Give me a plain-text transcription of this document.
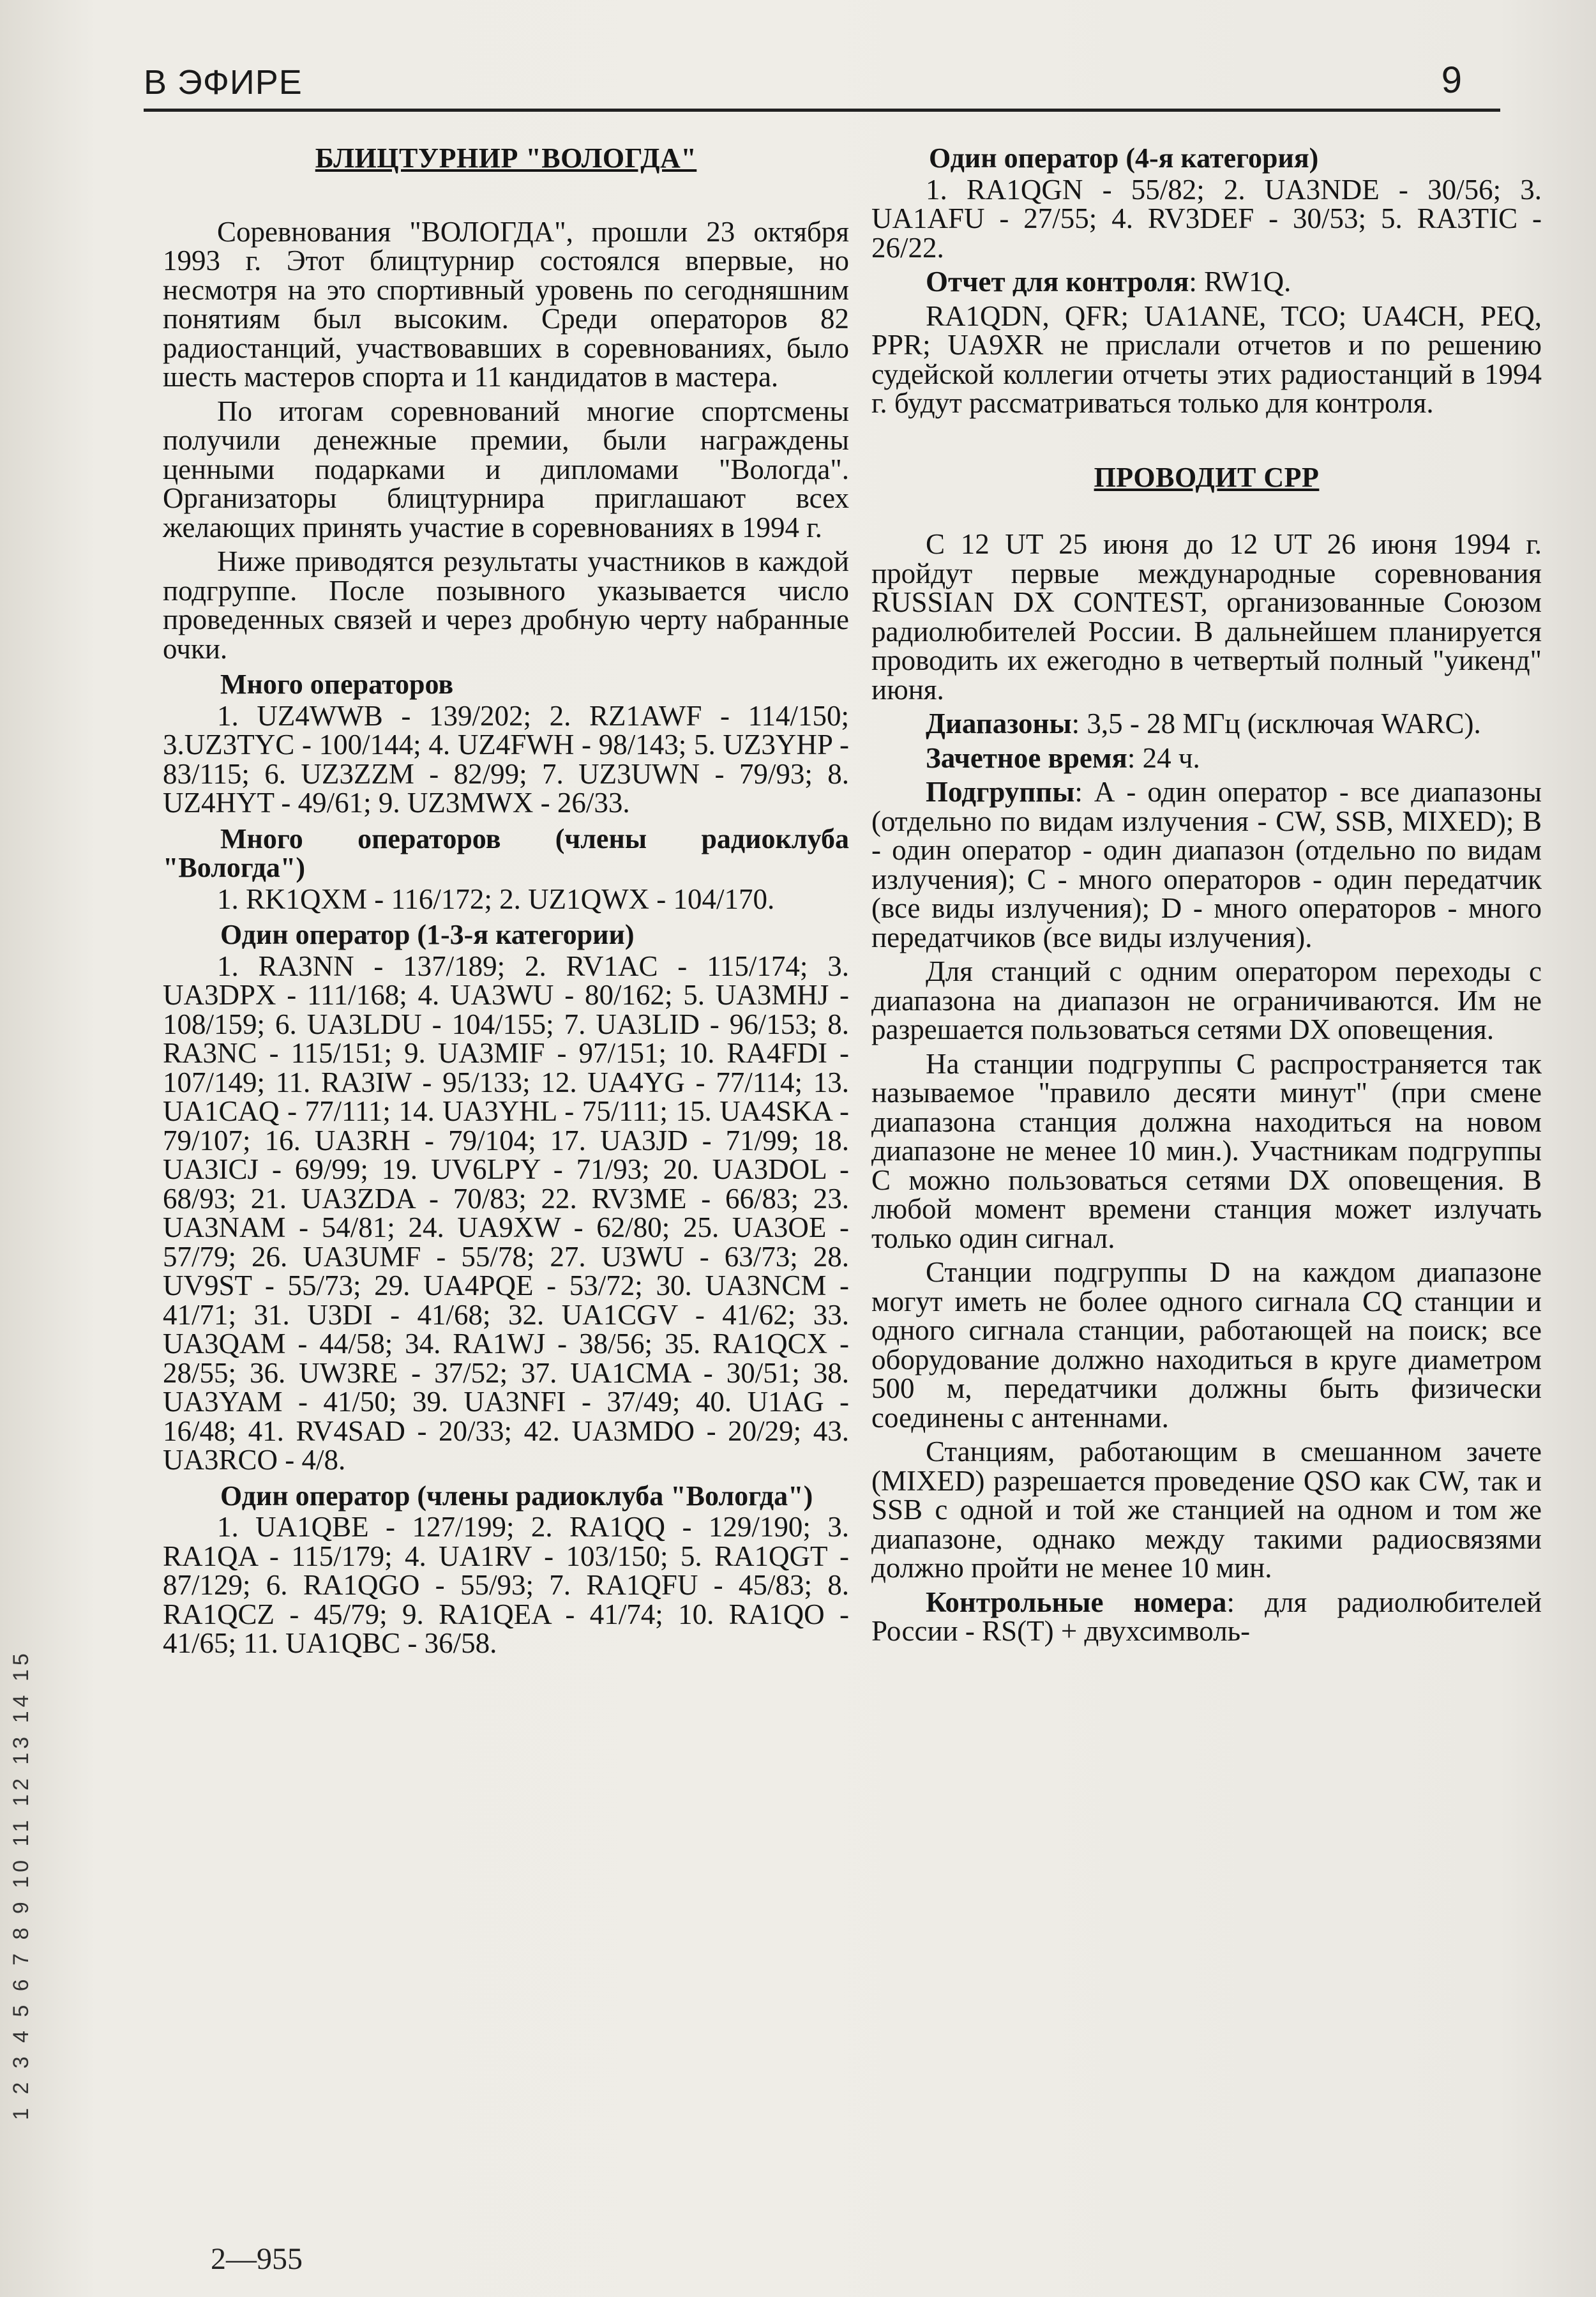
В ЭФИРЕ	9
БЛИЦТУРНИР "ВОЛОГДА"

Соревнования "ВОЛОГДА", прошли 23 октября 1993 г. Этот блицтурнир состоялся впервые, но несмотря на это спортивный уровень по сегодняшним понятиям был высоким. Среди операторов 82 радиостанций, участвовавших в соревнованиях, было шесть мастеров спорта и 11 кандидатов в мастера.

По итогам соревнований многие спортсмены получили денежные премии, были награждены ценными подарками и дипломами "Вологда". Организаторы блицтурнира приглашают всех желающих принять участие в соревнованиях в 1994 г.

Ниже приводятся результаты участников в каждой подгруппе. После позывного указывается число проведенных связей и через дробную черту набранные очки.

Много операторов

1. UZ4WWB - 139/202; 2. RZ1AWF - 114/150; 3.UZ3TYC - 100/144; 4. UZ4FWH - 98/143; 5. UZ3YHP - 83/115; 6. UZ3ZZM - 82/99; 7. UZ3UWN - 79/93; 8. UZ4HYT - 49/61; 9. UZ3MWX - 26/33.

Много операторов (члены радиоклуба "Вологда")

1. RK1QXM - 116/172; 2. UZ1QWX - 104/170.

Один оператор (1-3-я категории)

1. RA3NN - 137/189; 2. RV1AC - 115/174; 3. UA3DPX - 111/168; 4. UA3WU - 80/162; 5. UA3MHJ - 108/159; 6. UA3LDU - 104/155; 7. UA3LID - 96/153; 8. RA3NC - 115/151; 9. UA3MIF - 97/151; 10. RA4FDI - 107/149; 11. RA3IW - 95/133; 12. UA4YG - 77/114; 13. UA1CAQ - 77/111; 14. UA3YHL - 75/111; 15. UA4SKA - 79/107; 16. UA3RH - 79/104; 17. UA3JD - 71/99; 18. UA3ICJ - 69/99; 19. UV6LPY - 71/93; 20. UA3DOL - 68/93; 21. UA3ZDA - 70/83; 22. RV3ME - 66/83; 23. UA3NAM - 54/81; 24. UA9XW - 62/80; 25. UA3OE - 57/79; 26. UA3UMF - 55/78; 27. U3WU - 63/73; 28. UV9ST - 55/73; 29. UA4PQE - 53/72; 30. UA3NCM - 41/71; 31. U3DI - 41/68; 32. UA1CGV - 41/62; 33. UA3QAM - 44/58; 34. RA1WJ - 38/56; 35. RA1QCX - 28/55; 36. UW3RE - 37/52; 37. UA1CMA - 30/51; 38. UA3YAM - 41/50; 39. UA3NFI - 37/49; 40. U1AG - 16/48; 41. RV4SAD - 20/33; 42. UA3MDO - 20/29; 43. UA3RCO - 4/8.

Один оператор (члены радиоклуба "Вологда")

1. UA1QBE - 127/199; 2. RA1QQ - 129/190; 3. RA1QA - 115/179; 4. UA1RV - 103/150; 5. RA1QGT - 87/129; 6. RA1QGO - 55/93; 7. RA1QFU - 45/83; 8. RA1QCZ - 45/79; 9. RA1QEA - 41/74; 10. RA1QO - 41/65; 11. UA1QBC - 36/58.

Один оператор (4-я категория)

1. RA1QGN - 55/82; 2. UA3NDE - 30/56; 3. UA1AFU - 27/55; 4. RV3DEF - 30/53; 5. RA3TIC - 26/22.

Отчет для контроля: RW1Q.

RA1QDN, QFR; UA1ANE, TCO; UA4CH, PEQ, PPR; UA9XR не прислали отчетов и по решению судейской коллегии отчеты этих радиостанций в 1994 г. будут рассматриваться только для контроля.

ПРОВОДИТ СРР

С 12 UT 25 июня до 12 UT 26 июня 1994 г. пройдут первые международные соревнования RUSSIAN DX CONTEST, организованные Союзом радиолюбителей России. В дальнейшем планируется проводить их ежегодно в четвертый полный "уикенд" июня.

Диапазоны: 3,5 - 28 МГц (исключая WARC).

Зачетное время: 24 ч.

Подгруппы: А - один оператор - все диапазоны (отдельно по видам излучения - CW, SSB, MIXED); В - один оператор - один диапазон (отдельно по видам излучения); С - много операторов - один передатчик (все виды излучения); D - много операторов - много передатчиков (все виды излучения).

Для станций с одним оператором переходы с диапазона на диапазон не ограничиваются. Им не разрешается пользоваться сетями DX оповещения.

На станции подгруппы С распространяется так называемое "правило десяти минут" (при смене диапазона станция должна находиться на новом диапазоне не менее 10 мин.). Участникам подгруппы С можно пользоваться сетями DX оповещения. В любой момент времени станция может излучать только один сигнал.

Станции подгруппы D на каждом диапазоне могут иметь не более одного сигнала CQ станции и одного сигнала станции, работающей на поиск; все оборудование должно находиться в круге диаметром 500 м, передатчики должны быть физически соединены с антеннами.

Станциям, работающим в смешанном зачете (MIXED) разрешается проведение QSO как CW, так и SSB с одной и той же станцией на одном и том же диапазоне, однако между такими радиосвязями должно пройти не менее 10 мин.

Контрольные номера: для радиолюбителей России - RS(T) + двухсимволь-

1 2 3 4 5 6 7 8 9 10 11 12 13 14 15
2—955
